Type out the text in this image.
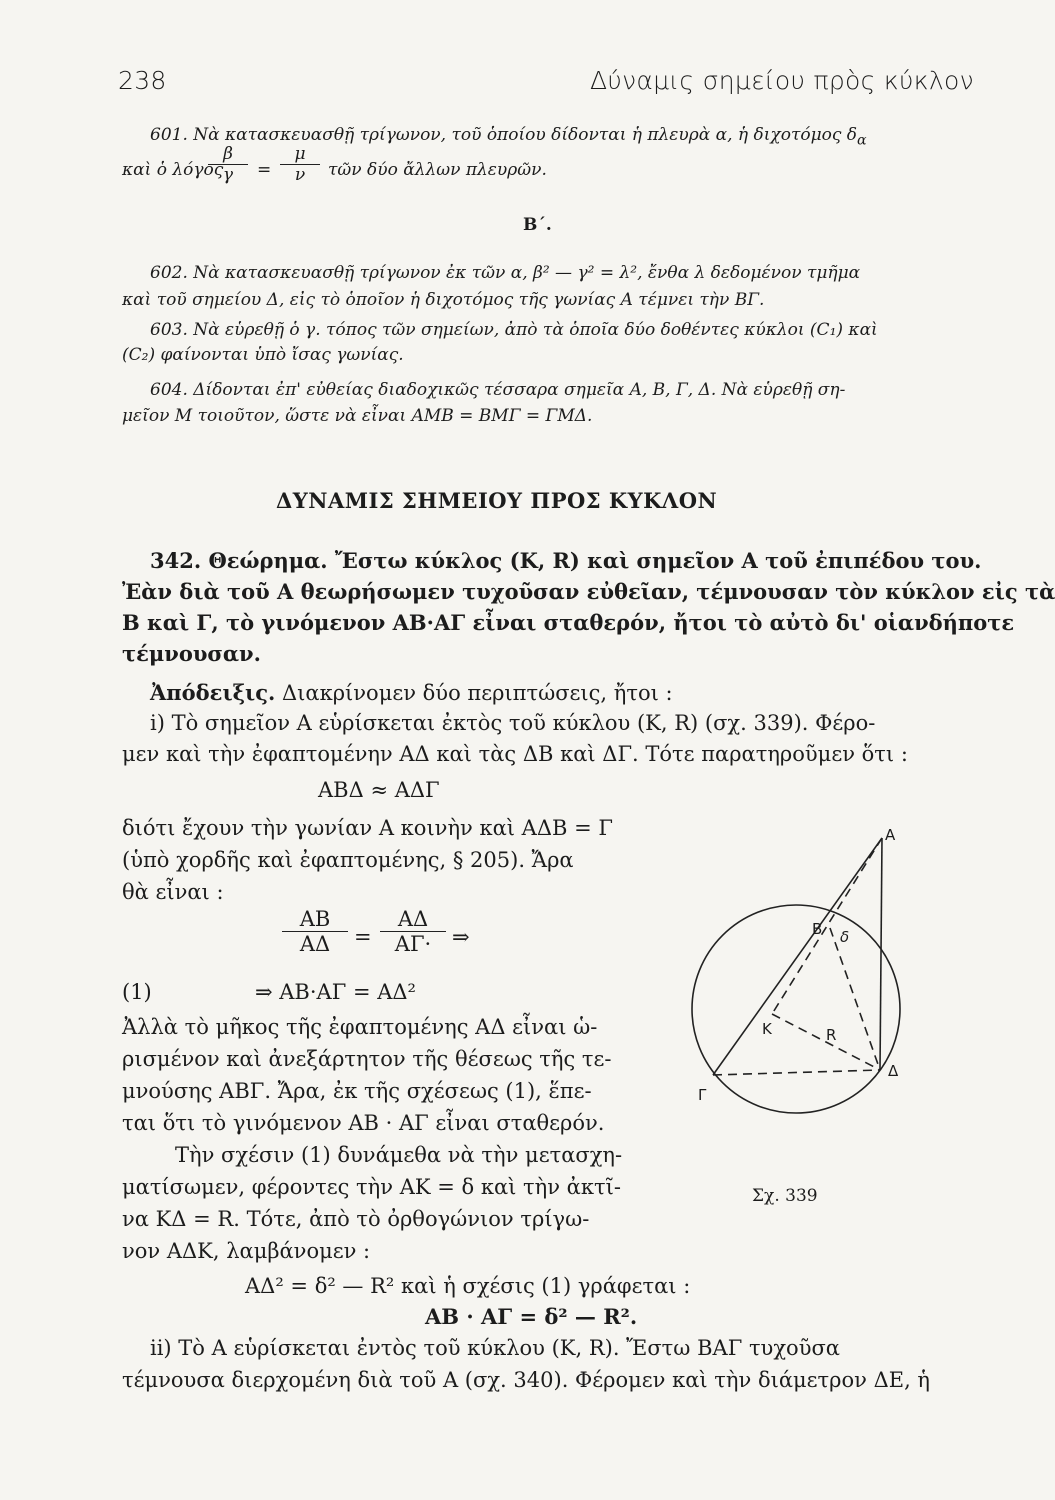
238	Δύναμις σημείου πρὸς κύκλον
601. Νὰ κατασκευασθῇ τρίγωνον, τοῦ ὁποίου δίδονται ἡ πλευρὰ α, ἡ διχοτόμος $\delta_\alpha$
καὶ ὁ λόγος
$\frac{\beta}{\gamma} = \frac{\mu}{\nu}$ τῶν δύο ἄλλων πλευρῶν.
Β΄.
602. Νὰ κατασκευασθῇ τρίγωνον ἐκ τῶν α, β² — γ² = λ², ἔνθα λ δεδομένον τμῆμα
καὶ τοῦ σημείου Δ, εἰς τὸ ὁποῖον ἡ διχοτόμος τῆς γωνίας Α τέμνει τὴν ΒΓ.
603. Νὰ εὑρεθῇ ὁ γ. τόπος τῶν σημείων, ἀπὸ τὰ ὁποῖα δύο δοθέντες κύκλοι (C₁) καὶ
(C₂) φαίνονται ὑπὸ ἴσας γωνίας.
604. Δίδονται ἐπ' εὐθείας διαδοχικῶς τέσσαρα σημεῖα Α, Β, Γ, Δ. Νὰ εὑρεθῇ ση-
μεῖον Μ τοιοῦτον, ὥστε νὰ εἶναι ΑΜΒ = ΒΜΓ = ΓΜΔ.
ΔΥΝΑΜΙΣ ΣΗΜΕΙΟΥ ΠΡΟΣ ΚΥΚΛΟΝ
342. Θεώρημα. Ἔστω κύκλος (Κ, R) καὶ σημεῖον Α τοῦ ἐπιπέδου του.
Ἐὰν διὰ τοῦ Α θεωρήσωμεν τυχοῦσαν εὐθεῖαν, τέμνουσαν τὸν κύκλον εἰς τὰ
Β καὶ Γ, τὸ γινόμενον ΑΒ·ΑΓ εἶναι σταθερόν, ἤτοι τὸ αὐτὸ δι' οἱανδήποτε
τέμνουσαν.
Ἀπόδειξις. Διακρίνομεν δύο περιπτώσεις, ἤτοι :
i) Τὸ σημεῖον Α εὑρίσκεται ἐκτὸς τοῦ κύκλου (Κ, R) (σχ. 339). Φέρο-
μεν καὶ τὴν ἐφαπτομένην ΑΔ καὶ τὰς ΔΒ καὶ ΔΓ. Τότε παρατηροῦμεν ὅτι :
ΑΒΔ ≈ ΑΔΓ
διότι ἔχουν τὴν γωνίαν Α κοινὴν καὶ ΑΔΒ = Γ
(ὑπὸ χορδῆς καὶ ἐφαπτομένης, § 205). Ἄρα
θὰ εἶναι :
$\frac{AB}{A\Delta} = \frac{A\Delta}{A\Gamma\cdot}$ ⇒
(1)	⇒ ΑΒ·ΑΓ = ΑΔ²
Ἀλλὰ τὸ μῆκος τῆς ἐφαπτομένης ΑΔ εἶναι ὡ-
ρισμένον καὶ ἀνεξάρτητον τῆς θέσεως τῆς τε-
μνούσης ΑΒΓ. Ἄρα, ἐκ τῆς σχέσεως (1), ἕπε-
ται ὅτι τὸ γινόμενον ΑΒ · ΑΓ εἶναι σταθερόν.
Τὴν σχέσιν (1) δυνάμεθα νὰ τὴν μετασχη-
ματίσωμεν, φέροντες τὴν ΑΚ = δ καὶ τὴν ἀκτῖ-
να ΚΔ = R. Τότε, ἀπὸ τὸ ὀρθογώνιον τρίγω-
νον ΑΔΚ, λαμβάνομεν :
ΑΔ² = δ² — R² καὶ ἡ σχέσις (1) γράφεται :
ΑΒ · ΑΓ = δ² — R².
ii) Τὸ Α εὑρίσκεται ἐντὸς τοῦ κύκλου (Κ, R). Ἔστω ΒΑΓ τυχοῦσα
τέμνουσα διερχομένη διὰ τοῦ Α (σχ. 340). Φέρομεν καὶ τὴν διάμετρον ΔΕ, ἡ
A
B δ
K	R
Δ
Γ
Σχ. 339
